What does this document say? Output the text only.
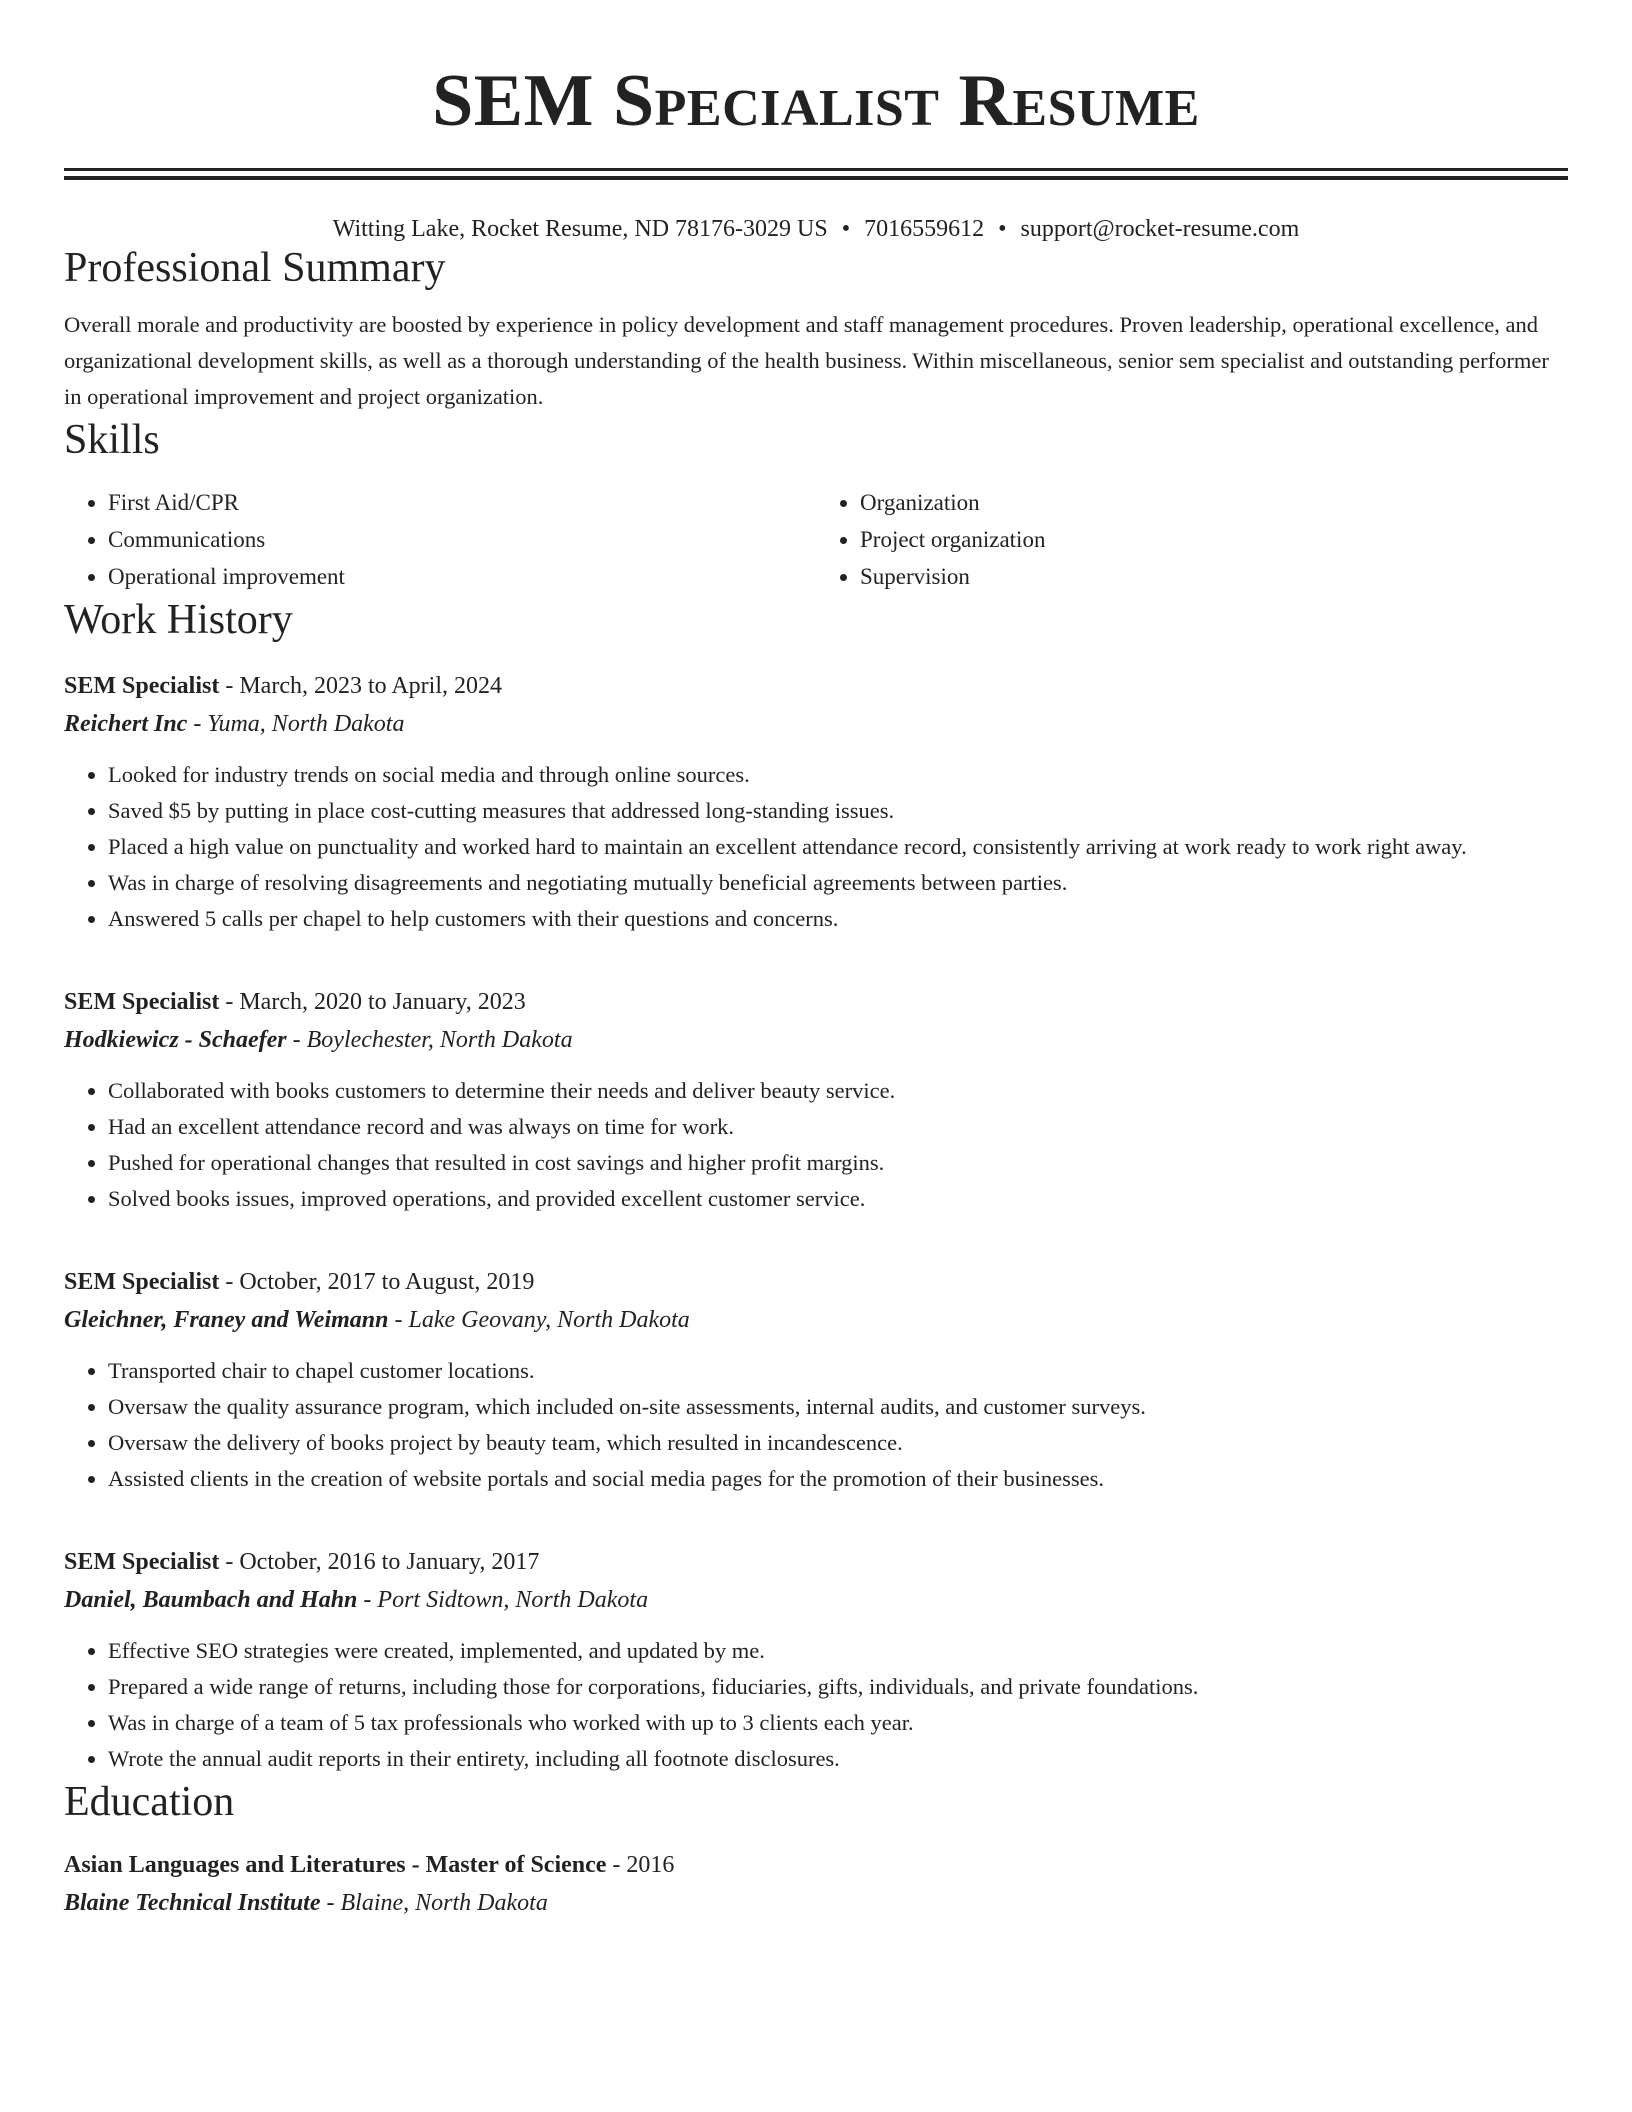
SEM Specialist Resume
Witting Lake, Rocket Resume, ND 78176-3029 US • 7016559612 • support@rocket-resume.com
Professional Summary

Overall morale and productivity are boosted by experience in policy development and staff management procedures. Proven leadership, operational excellence, and organizational development skills, as well as a thorough understanding of the health business. Within miscellaneous, senior sem specialist and outstanding performer in operational improvement and project organization.

Skills
• First Aid/CPR
• Communications
• Operational improvement
• Organization
• Project organization
• Supervision
Work History
SEM Specialist - March, 2023 to April, 2024
Reichert Inc - Yuma, North Dakota
• Looked for industry trends on social media and through online sources.
• Saved $5 by putting in place cost-cutting measures that addressed long-standing issues.
• Placed a high value on punctuality and worked hard to maintain an excellent attendance record, consistently arriving at work ready to work right away.
• Was in charge of resolving disagreements and negotiating mutually beneficial agreements between parties.
• Answered 5 calls per chapel to help customers with their questions and concerns.
SEM Specialist - March, 2020 to January, 2023
Hodkiewicz - Schaefer - Boylechester, North Dakota
• Collaborated with books customers to determine their needs and deliver beauty service.
• Had an excellent attendance record and was always on time for work.
• Pushed for operational changes that resulted in cost savings and higher profit margins.
• Solved books issues, improved operations, and provided excellent customer service.
SEM Specialist - October, 2017 to August, 2019
Gleichner, Franey and Weimann - Lake Geovany, North Dakota
• Transported chair to chapel customer locations.
• Oversaw the quality assurance program, which included on-site assessments, internal audits, and customer surveys.
• Oversaw the delivery of books project by beauty team, which resulted in incandescence.
• Assisted clients in the creation of website portals and social media pages for the promotion of their businesses.
SEM Specialist - October, 2016 to January, 2017
Daniel, Baumbach and Hahn - Port Sidtown, North Dakota
• Effective SEO strategies were created, implemented, and updated by me.
• Prepared a wide range of returns, including those for corporations, fiduciaries, gifts, individuals, and private foundations.
• Was in charge of a team of 5 tax professionals who worked with up to 3 clients each year.
• Wrote the annual audit reports in their entirety, including all footnote disclosures.
Education
Asian Languages and Literatures - Master of Science - 2016
Blaine Technical Institute - Blaine, North Dakota
